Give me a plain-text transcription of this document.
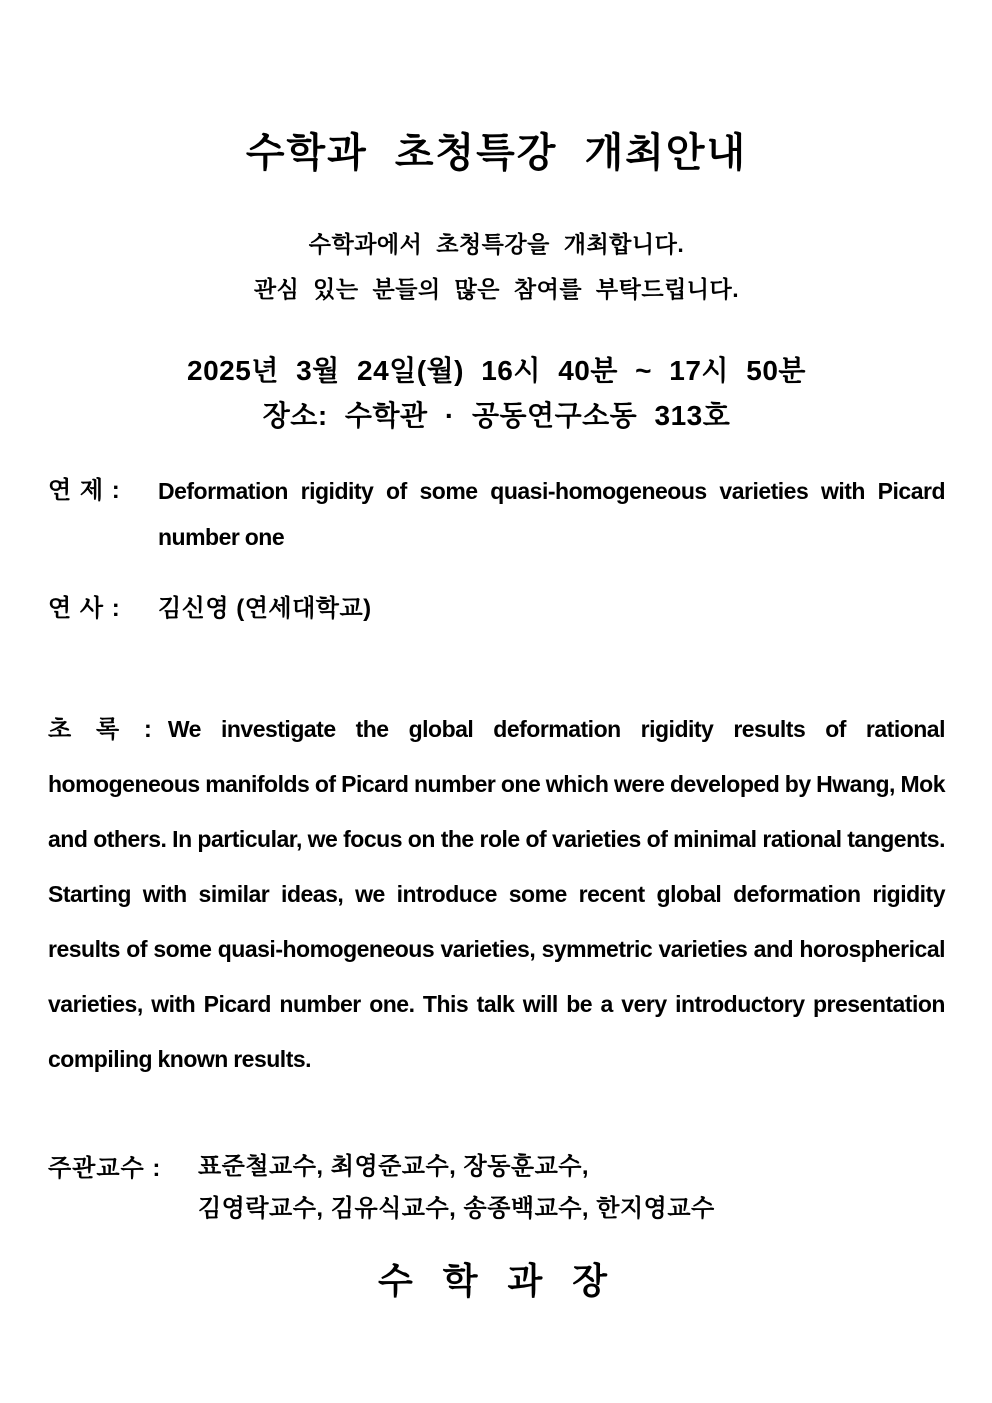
수학과 초청특강 개최안내

수학과에서 초청특강을 개최합니다.

관심 있는 분들의 많은 참여를 부탁드립니다.

2025년 3월 24일(월) 16시 40분 ~ 17시 50분

장소: 수학관 · 공동연구소동 313호

연 제 :	Deformation rigidity of some quasi-homogeneous varieties with Picard number one
연 사 :	김신영 (연세대학교)

초 록 : We investigate the global deformation rigidity results of rational homogeneous manifolds of Picard number one which were developed by Hwang, Mok and others. In particular, we focus on the role of varieties of minimal rational tangents. Starting with similar ideas, we introduce some recent global deformation rigidity results of some quasi-homogeneous varieties, symmetric varieties and horospherical varieties, with Picard number one. This talk will be a very introductory presentation compiling known results.

주관교수 :	표준철교수, 최영준교수, 장동훈교수,
김영락교수, 김유식교수, 송종백교수, 한지영교수

수 학 과 장
